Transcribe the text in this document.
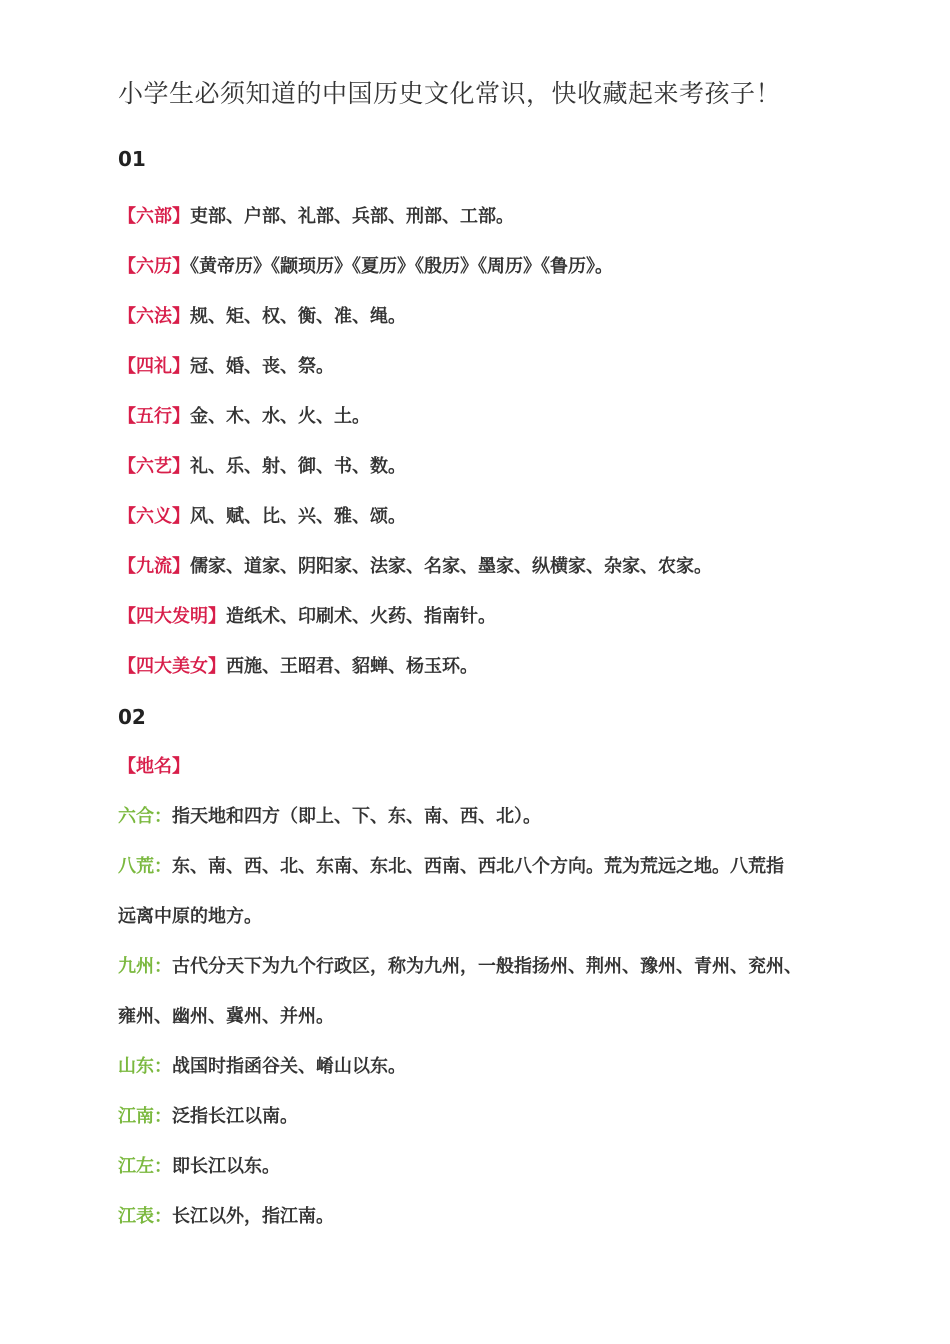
小学生必须知道的中国历史文化常识，快收藏起来考孩子！
01
【六部】吏部、户部、礼部、兵部、刑部、工部。
【六历】《黄帝历》《颛顼历》《夏历》《殷历》《周历》《鲁历》。
【六法】规、矩、权、衡、准、绳。
【四礼】冠、婚、丧、祭。
【五行】金、木、水、火、土。
【六艺】礼、乐、射、御、书、数。
【六义】风、赋、比、兴、雅、颂。
【九流】儒家、道家、阴阳家、法家、名家、墨家、纵横家、杂家、农家。
【四大发明】造纸术、印刷术、火药、指南针。
【四大美女】西施、王昭君、貂蝉、杨玉环。
02
【地名】
六合：指天地和四方（即上、下、东、南、西、北）。
八荒：东、南、西、北、东南、东北、西南、西北八个方向。荒为荒远之地。八荒指
远离中原的地方。
九州：古代分天下为九个行政区，称为九州，一般指扬州、荆州、豫州、青州、兖州、
雍州、幽州、冀州、并州。
山东：战国时指函谷关、崤山以东。
江南：泛指长江以南。
江左：即长江以东。
江表：长江以外，指江南。
